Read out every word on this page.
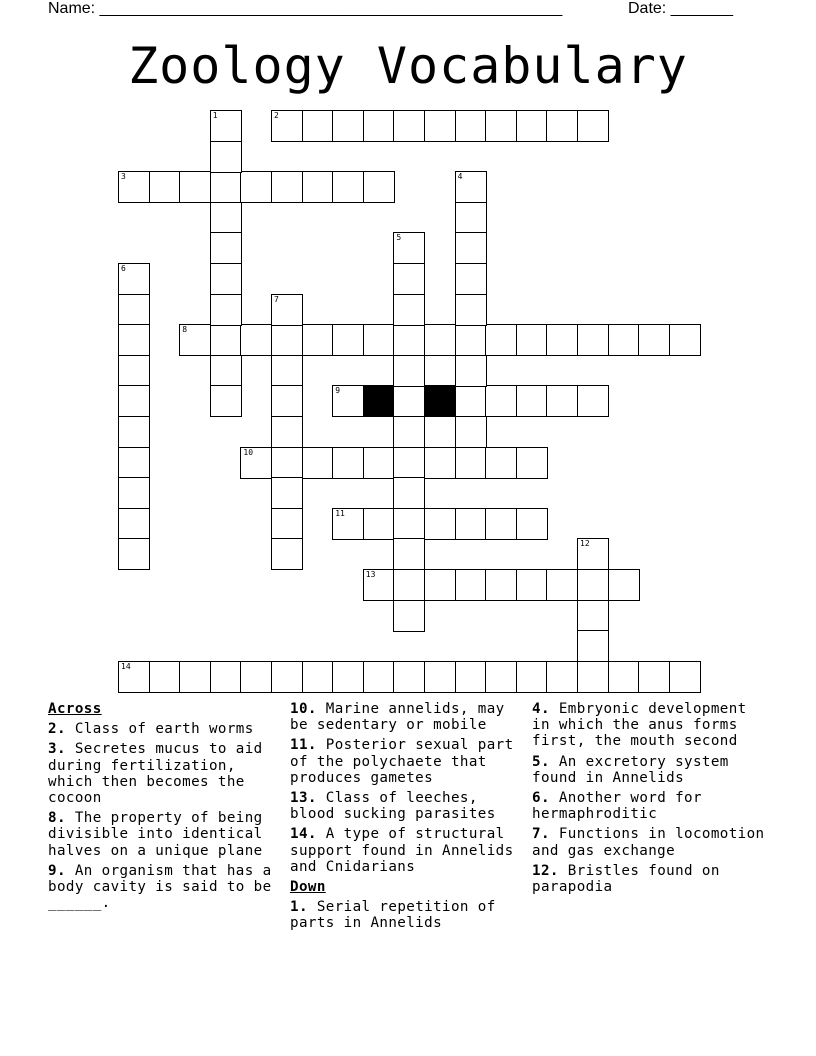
Name: ____________________________________________________	Date: _______
Zoology Vocabulary
2
3
8
9
10
11
13
14
1
4
5
6
7
12
Across
2. Class of earth worms
3. Secretes mucus to aid during fertilization, which then becomes the cocoon
8. The property of being divisible into identical halves on a unique plane
9. An organism that has a body cavity is said to be ______.
10. Marine annelids, may be sedentary or mobile
11. Posterior sexual part of the polychaete that produces gametes
13. Class of leeches, blood sucking parasites
14. A type of structural support found in Annelids and Cnidarians
Down
1. Serial repetition of parts in Annelids
4. Embryonic development in which the anus forms first, the mouth second
5. An excretory system found in Annelids
6. Another word for hermaphroditic
7. Functions in locomotion and gas exchange
12. Bristles found on parapodia
